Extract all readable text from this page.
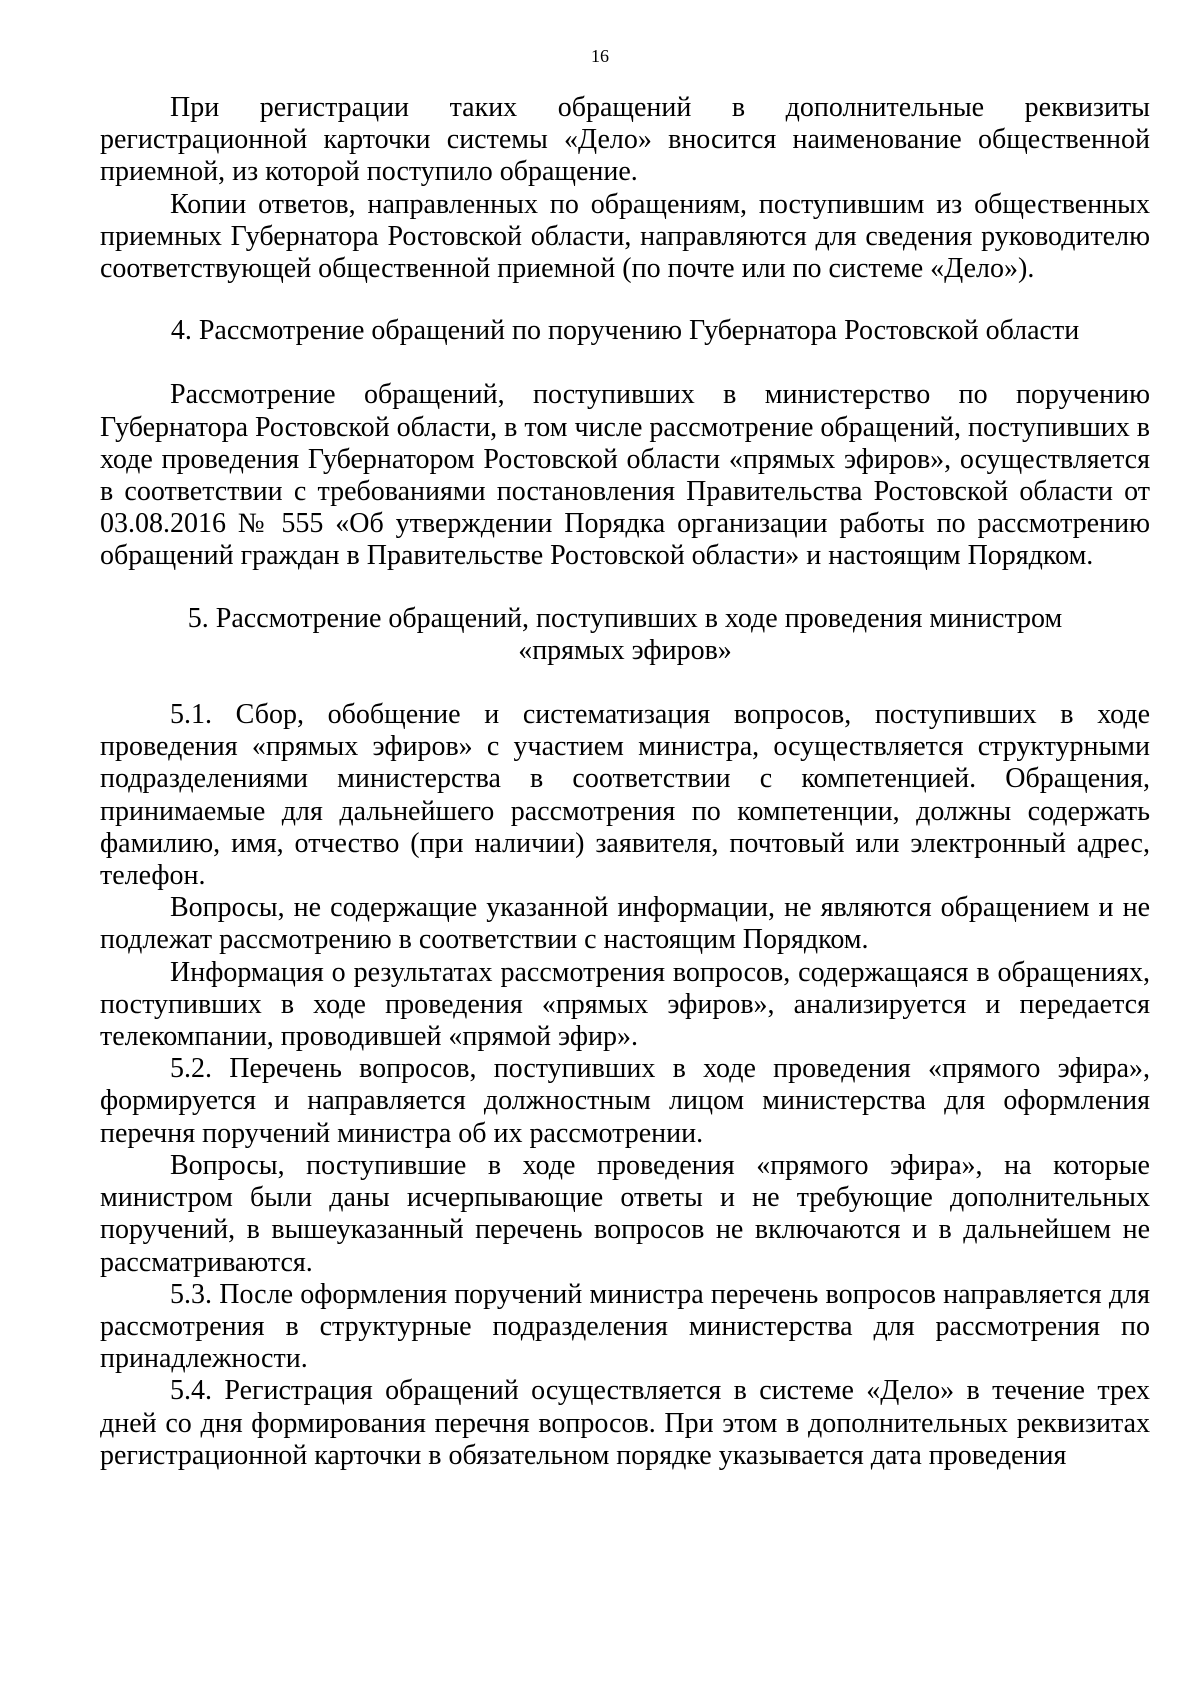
16

При регистрации таких обращений в дополнительные реквизиты регистрационной карточки системы «Дело» вносится наименование общественной приемной, из которой поступило обращение.

Копии ответов, направленных по обращениям, поступившим из общественных приемных Губернатора Ростовской области, направляются для сведения руководителю соответствующей общественной приемной (по почте или по системе «Дело»).

4. Рассмотрение обращений по поручению Губернатора Ростовской области

Рассмотрение обращений, поступивших в министерство по поручению Губернатора Ростовской области, в том числе рассмотрение обращений, поступивших в ходе проведения Губернатором Ростовской области «прямых эфиров», осуществляется в соответствии с требованиями постановления Правительства Ростовской области от 03.08.2016 № 555 «Об утверждении Порядка организации работы по рассмотрению обращений граждан в Правительстве Ростовской области» и настоящим Порядком.

5. Рассмотрение обращений, поступивших в ходе проведения министром
«прямых эфиров»

5.1. Сбор, обобщение и систематизация вопросов, поступивших в ходе проведения «прямых эфиров» с участием министра, осуществляется структурными подразделениями министерства в соответствии с компетенцией. Обращения, принимаемые для дальнейшего рассмотрения по компетенции, должны содержать фамилию, имя, отчество (при наличии) заявителя, почтовый или электронный адрес, телефон.

Вопросы, не содержащие указанной информации, не являются обращением и не подлежат рассмотрению в соответствии с настоящим Порядком.

Информация о результатах рассмотрения вопросов, содержащаяся в обращениях, поступивших в ходе проведения «прямых эфиров», анализируется и передается телекомпании, проводившей «прямой эфир».

5.2. Перечень вопросов, поступивших в ходе проведения «прямого эфира», формируется и направляется должностным лицом министерства для оформления перечня поручений министра об их рассмотрении.

Вопросы, поступившие в ходе проведения «прямого эфира», на которые министром были даны исчерпывающие ответы и не требующие дополнительных поручений, в вышеуказанный перечень вопросов не включаются и в дальнейшем не рассматриваются.

5.3. После оформления поручений министра перечень вопросов направляется для рассмотрения в структурные подразделения министерства для рассмотрения по принадлежности.

5.4. Регистрация обращений осуществляется в системе «Дело» в течение трех дней со дня формирования перечня вопросов. При этом в дополнительных реквизитах регистрационной карточки в обязательном порядке указывается дата проведения
